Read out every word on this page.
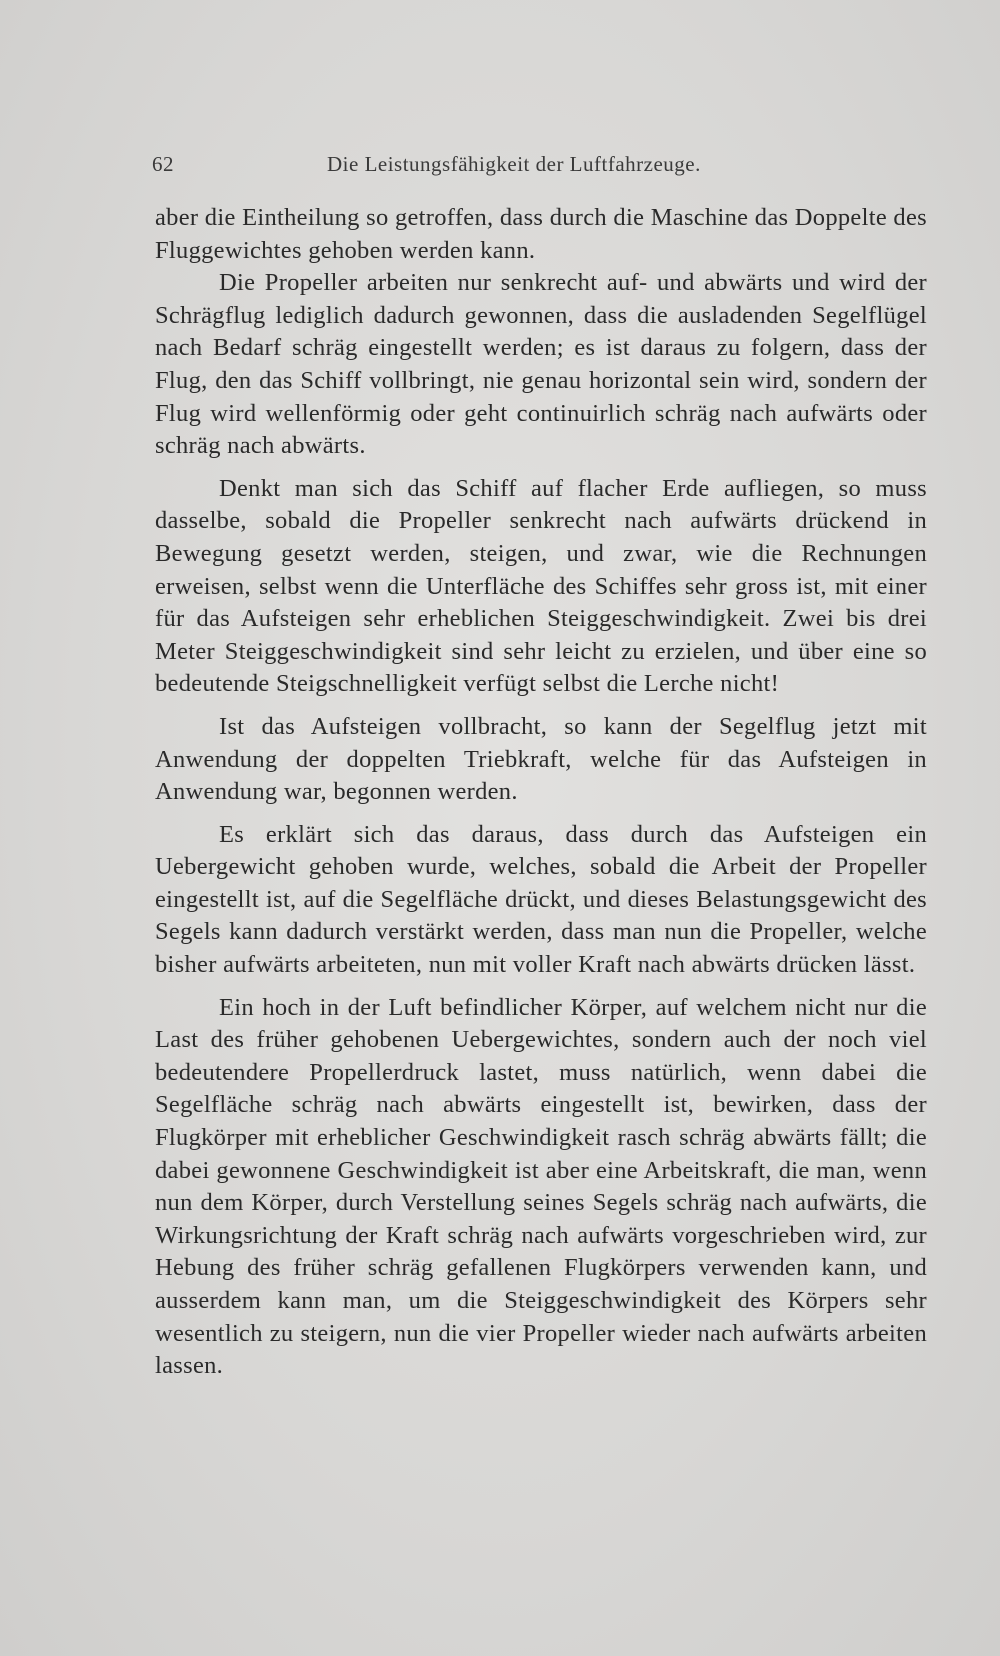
62	Die Leistungsfähigkeit der Luftfahrzeuge.

aber die Eintheilung so getroffen, dass durch die Maschine das Doppelte des Fluggewichtes gehoben werden kann.

Die Propeller arbeiten nur senkrecht auf- und abwärts und wird der Schrägflug lediglich dadurch gewonnen, dass die ausladenden Segelflügel nach Bedarf schräg eingestellt werden; es ist daraus zu folgern, dass der Flug, den das Schiff vollbringt, nie genau horizontal sein wird, sondern der Flug wird wellenförmig oder geht continuirlich schräg nach aufwärts oder schräg nach abwärts.

Denkt man sich das Schiff auf flacher Erde aufliegen, so muss dasselbe, sobald die Propeller senkrecht nach aufwärts drückend in Bewegung gesetzt werden, steigen, und zwar, wie die Rechnungen erweisen, selbst wenn die Unterfläche des Schiffes sehr gross ist, mit einer für das Aufsteigen sehr erheblichen Steiggeschwindigkeit. Zwei bis drei Meter Steiggeschwindigkeit sind sehr leicht zu erzielen, und über eine so bedeutende Steigschnelligkeit verfügt selbst die Lerche nicht!

Ist das Aufsteigen vollbracht, so kann der Segelflug jetzt mit Anwendung der doppelten Triebkraft, welche für das Aufsteigen in Anwendung war, begonnen werden.

Es erklärt sich das daraus, dass durch das Aufsteigen ein Uebergewicht gehoben wurde, welches, sobald die Arbeit der Propeller eingestellt ist, auf die Segelfläche drückt, und dieses Belastungsgewicht des Segels kann dadurch verstärkt werden, dass man nun die Propeller, welche bisher aufwärts arbeiteten, nun mit voller Kraft nach abwärts drücken lässt.

Ein hoch in der Luft befindlicher Körper, auf welchem nicht nur die Last des früher gehobenen Uebergewichtes, sondern auch der noch viel bedeutendere Propellerdruck lastet, muss natürlich, wenn dabei die Segelfläche schräg nach abwärts eingestellt ist, bewirken, dass der Flugkörper mit erheblicher Geschwindigkeit rasch schräg abwärts fällt; die dabei gewonnene Geschwindigkeit ist aber eine Arbeitskraft, die man, wenn nun dem Körper, durch Verstellung seines Segels schräg nach aufwärts, die Wirkungsrichtung der Kraft schräg nach aufwärts vorgeschrieben wird, zur Hebung des früher schräg gefallenen Flugkörpers verwenden kann, und ausserdem kann man, um die Steiggeschwindigkeit des Körpers sehr wesentlich zu steigern, nun die vier Propeller wieder nach aufwärts arbeiten lassen.
